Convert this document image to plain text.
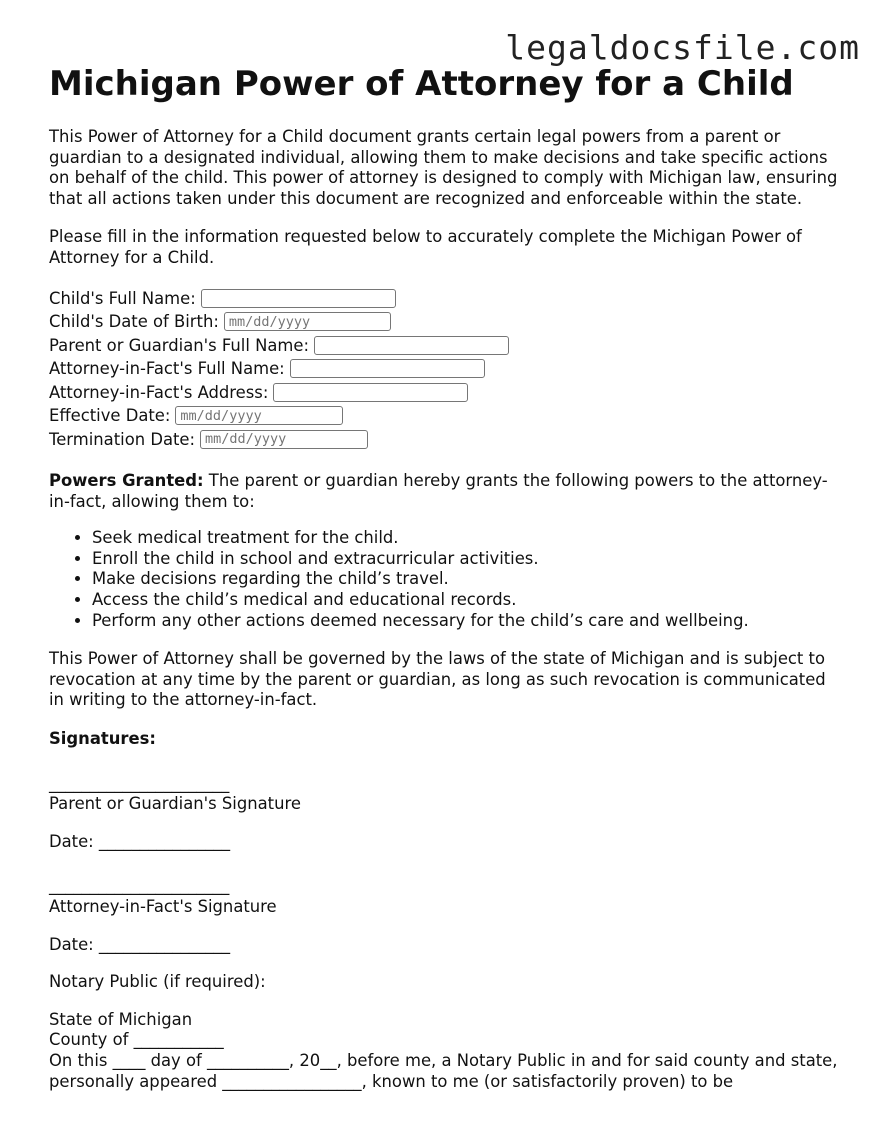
legaldocsfile.com
Michigan Power of Attorney for a Child

This Power of Attorney for a Child document grants certain legal powers from a parent or guardian to a designated individual, allowing them to make decisions and take specific actions on behalf of the child. This power of attorney is designed to comply with Michigan law, ensuring that all actions taken under this document are recognized and enforceable within the state.

Please fill in the information requested below to accurately complete the Michigan Power of Attorney for a Child.

Child's Full Name:
Child's Date of Birth:
mm/dd/yyyy
Parent or Guardian's Full Name:
Attorney-in-Fact's Full Name:
Attorney-in-Fact's Address:
Effective Date:
mm/dd/yyyy
Termination Date:
mm/dd/yyyy

Powers Granted: The parent or guardian hereby grants the following powers to the attorney-in-fact, allowing them to:

• Seek medical treatment for the child.
• Enroll the child in school and extracurricular activities.
• Make decisions regarding the child’s travel.
• Access the child’s medical and educational records.
• Perform any other actions deemed necessary for the child’s care and wellbeing.

This Power of Attorney shall be governed by the laws of the state of Michigan and is subject to revocation at any time by the parent or guardian, as long as such revocation is communicated in writing to the attorney-in-fact.

Signatures:

______________________

Parent or Guardian's Signature

Date: ________________

______________________

Attorney-in-Fact's Signature

Date: ________________

Notary Public (if required):

State of Michigan

County of ___________

On this ____ day of __________, 20__, before me, a Notary Public in and for said county and state, personally appeared _________________, known to me (or satisfactorily proven) to be
